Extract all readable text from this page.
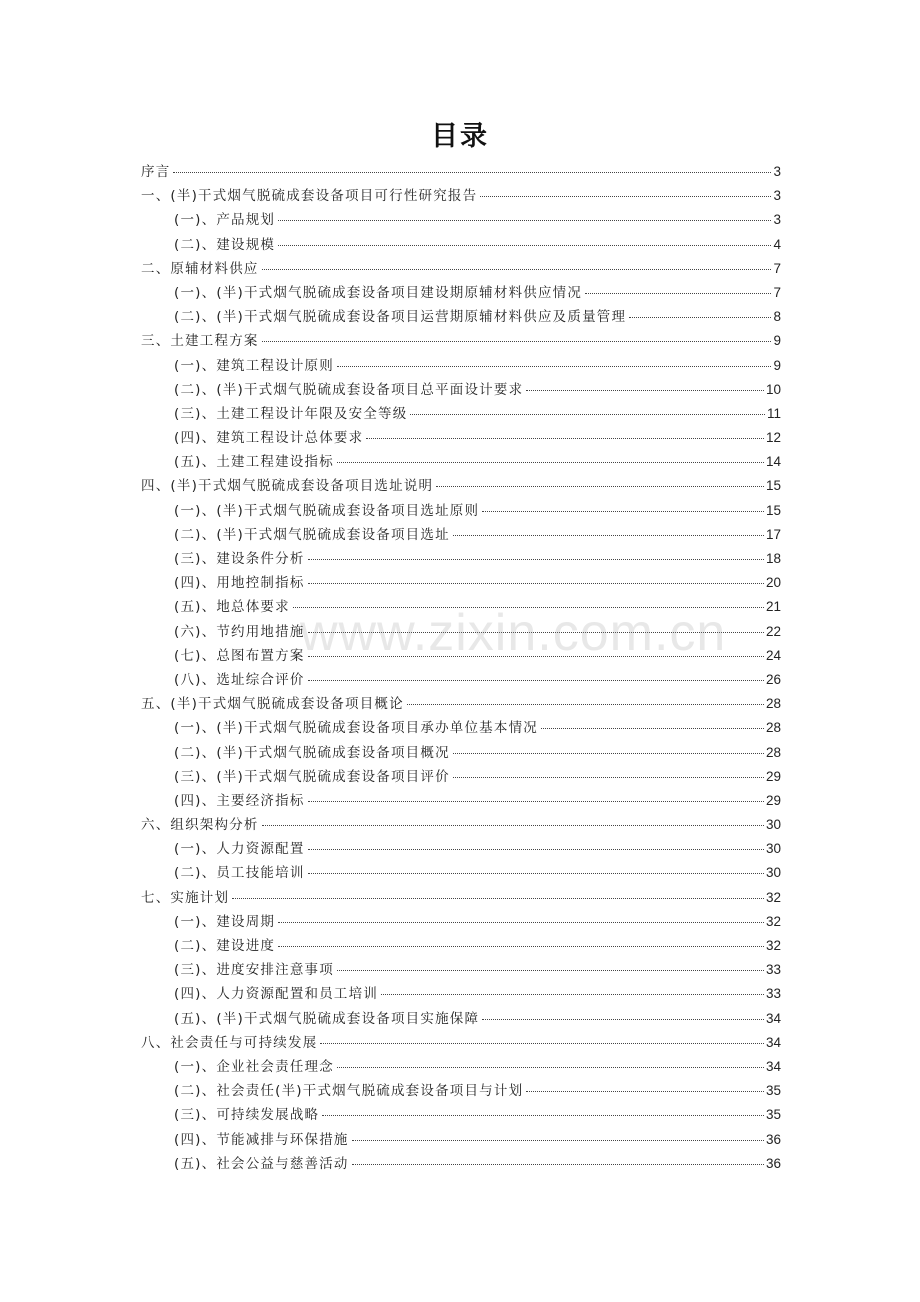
目录
序言	3
一、(半)干式烟气脱硫成套设备项目可行性研究报告	3
(一)、产品规划	3
(二)、建设规模	4
二、原辅材料供应	7
(一)、(半)干式烟气脱硫成套设备项目建设期原辅材料供应情况	7
(二)、(半)干式烟气脱硫成套设备项目运营期原辅材料供应及质量管理	8
三、土建工程方案	9
(一)、建筑工程设计原则	9
(二)、(半)干式烟气脱硫成套设备项目总平面设计要求	10
(三)、土建工程设计年限及安全等级	11
(四)、建筑工程设计总体要求	12
(五)、土建工程建设指标	14
四、(半)干式烟气脱硫成套设备项目选址说明	15
(一)、(半)干式烟气脱硫成套设备项目选址原则	15
(二)、(半)干式烟气脱硫成套设备项目选址	17
(三)、建设条件分析	18
(四)、用地控制指标	20
(五)、地总体要求	21
(六)、节约用地措施	22
(七)、总图布置方案	24
(八)、选址综合评价	26
五、(半)干式烟气脱硫成套设备项目概论	28
(一)、(半)干式烟气脱硫成套设备项目承办单位基本情况	28
(二)、(半)干式烟气脱硫成套设备项目概况	28
(三)、(半)干式烟气脱硫成套设备项目评价	29
(四)、主要经济指标	29
六、组织架构分析	30
(一)、人力资源配置	30
(二)、员工技能培训	30
七、实施计划	32
(一)、建设周期	32
(二)、建设进度	32
(三)、进度安排注意事项	33
(四)、人力资源配置和员工培训	33
(五)、(半)干式烟气脱硫成套设备项目实施保障	34
八、社会责任与可持续发展	34
(一)、企业社会责任理念	34
(二)、社会责任(半)干式烟气脱硫成套设备项目与计划	35
(三)、可持续发展战略	35
(四)、节能减排与环保措施	36
(五)、社会公益与慈善活动	36
www.zixin.com.cn
